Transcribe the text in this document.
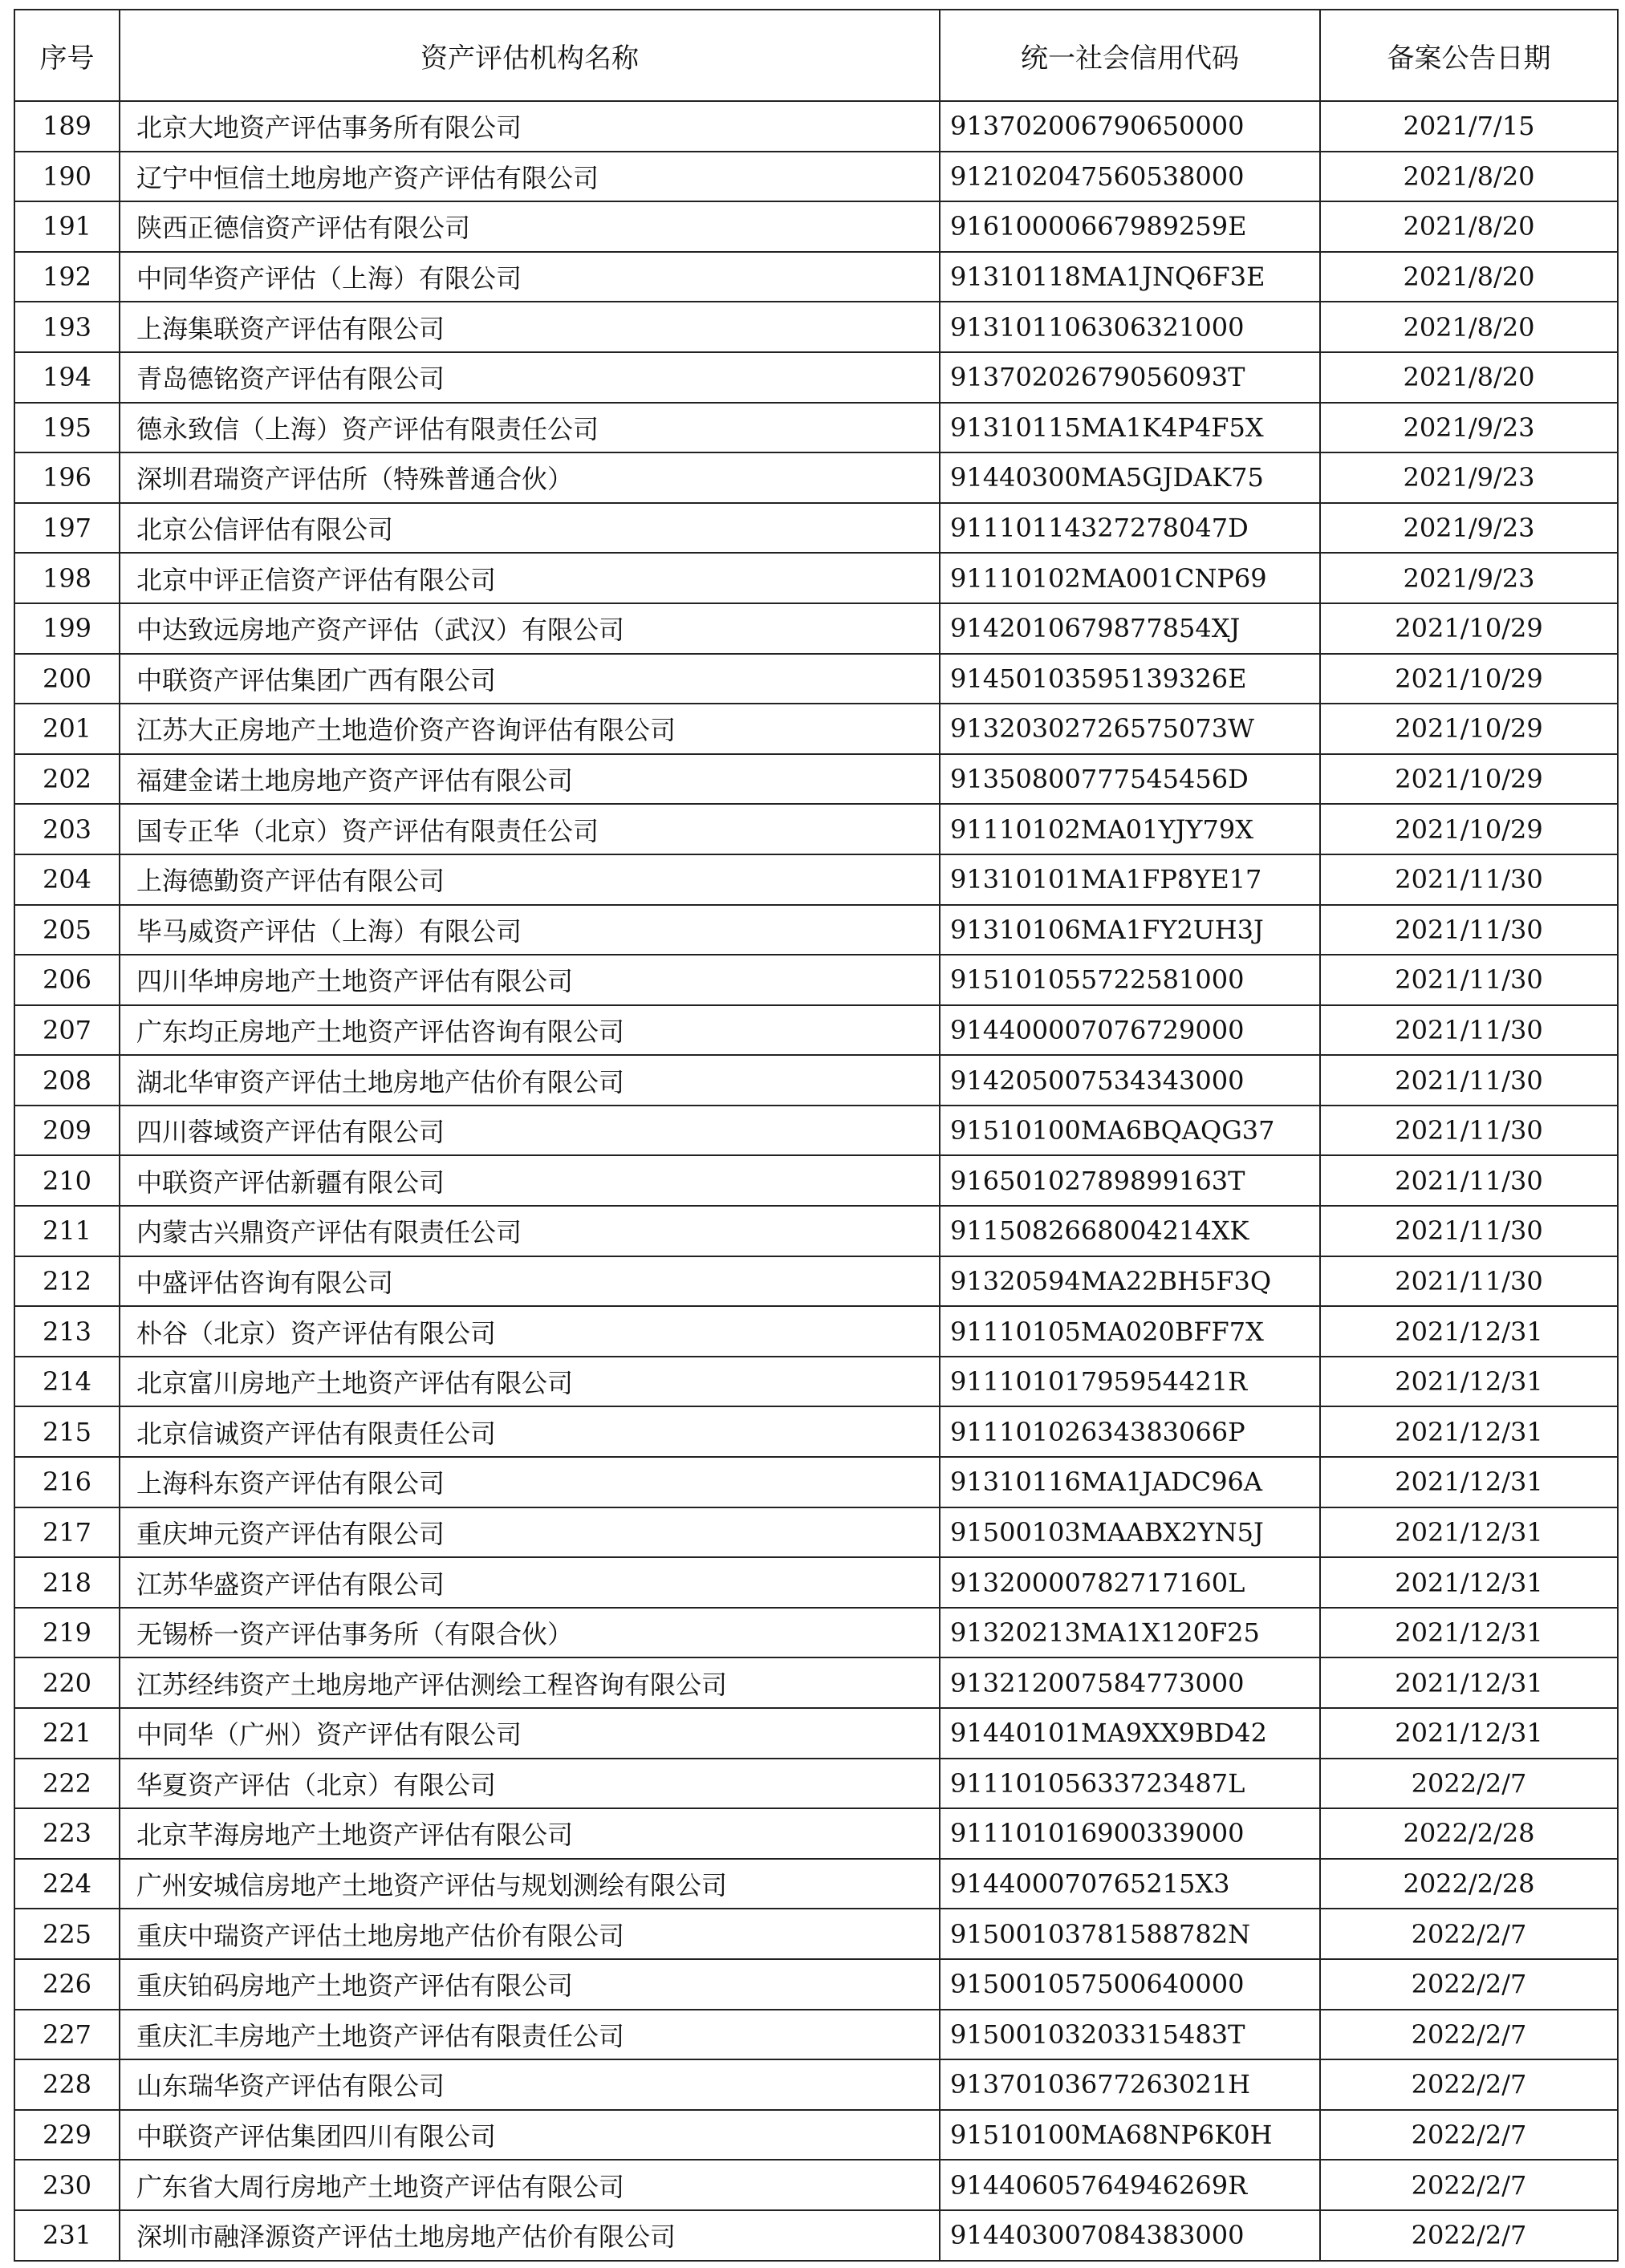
序号	资产评估机构名称	统一社会信用代码	备案公告日期
189	北京大地资产评估事务所有限公司	913702006790650000	2021/7/15
190	辽宁中恒信土地房地产资产评估有限公司	912102047560538000	2021/8/20
191	陕西正德信资产评估有限公司	91610000667989259E	2021/8/20
192	中同华资产评估（上海）有限公司	91310118MA1JNQ6F3E	2021/8/20
193	上海集联资产评估有限公司	913101106306321000	2021/8/20
194	青岛德铭资产评估有限公司	91370202679056093T	2021/8/20
195	德永致信（上海）资产评估有限责任公司	91310115MA1K4P4F5X	2021/9/23
196	深圳君瑞资产评估所（特殊普通合伙）	91440300MA5GJDAK75	2021/9/23
197	北京公信评估有限公司	91110114327278047D	2021/9/23
198	北京中评正信资产评估有限公司	91110102MA001CNP69	2021/9/23
199	中达致远房地产资产评估（武汉）有限公司	9142010679877854XJ	2021/10/29
200	中联资产评估集团广西有限公司	91450103595139326E	2021/10/29
201	江苏大正房地产土地造价资产咨询评估有限公司	91320302726575073W	2021/10/29
202	福建金诺土地房地产资产评估有限公司	91350800777545456D	2021/10/29
203	国专正华（北京）资产评估有限责任公司	91110102MA01YJY79X	2021/10/29
204	上海德勤资产评估有限公司	91310101MA1FP8YE17	2021/11/30
205	毕马威资产评估（上海）有限公司	91310106MA1FY2UH3J	2021/11/30
206	四川华坤房地产土地资产评估有限公司	915101055722581000	2021/11/30
207	广东均正房地产土地资产评估咨询有限公司	914400007076729000	2021/11/30
208	湖北华审资产评估土地房地产估价有限公司	914205007534343000	2021/11/30
209	四川蓉域资产评估有限公司	91510100MA6BQAQG37	2021/11/30
210	中联资产评估新疆有限公司	91650102789899163T	2021/11/30
211	内蒙古兴鼎资产评估有限责任公司	9115082668004214XK	2021/11/30
212	中盛评估咨询有限公司	91320594MA22BH5F3Q	2021/11/30
213	朴谷（北京）资产评估有限公司	91110105MA020BFF7X	2021/12/31
214	北京富川房地产土地资产评估有限公司	91110101795954421R	2021/12/31
215	北京信诚资产评估有限责任公司	91110102634383066P	2021/12/31
216	上海科东资产评估有限公司	91310116MA1JADC96A	2021/12/31
217	重庆坤元资产评估有限公司	91500103MAABX2YN5J	2021/12/31
218	江苏华盛资产评估有限公司	91320000782717160L	2021/12/31
219	无锡桥一资产评估事务所（有限合伙）	91320213MA1X120F25	2021/12/31
220	江苏经纬资产土地房地产评估测绘工程咨询有限公司	913212007584773000	2021/12/31
221	中同华（广州）资产评估有限公司	91440101MA9XX9BD42	2021/12/31
222	华夏资产评估（北京）有限公司	91110105633723487L	2022/2/7
223	北京芊海房地产土地资产评估有限公司	911101016900339000	2022/2/28
224	广州安城信房地产土地资产评估与规划测绘有限公司	914400070765215X3	2022/2/28
225	重庆中瑞资产评估土地房地产估价有限公司	91500103781588782N	2022/2/7
226	重庆铂码房地产土地资产评估有限公司	915001057500640000	2022/2/7
227	重庆汇丰房地产土地资产评估有限责任公司	91500103203315483T	2022/2/7
228	山东瑞华资产评估有限公司	91370103677263021H	2022/2/7
229	中联资产评估集团四川有限公司	91510100MA68NP6K0H	2022/2/7
230	广东省大周行房地产土地资产评估有限公司	91440605764946269R	2022/2/7
231	深圳市融泽源资产评估土地房地产估价有限公司	914403007084383000	2022/2/7
